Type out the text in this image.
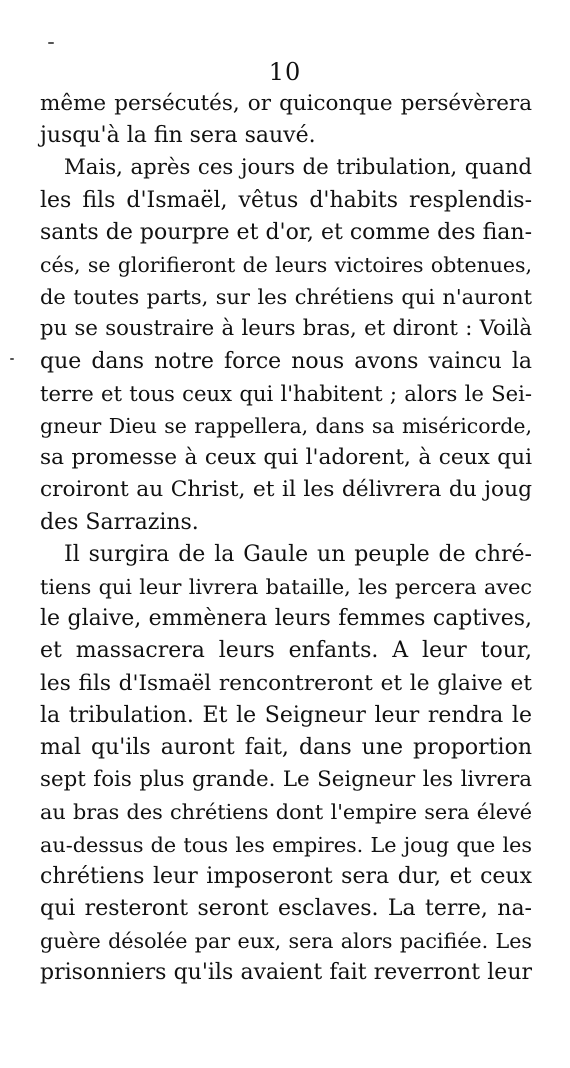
10

même persécutés, or quiconque persévèrera
jusqu'à la fin sera sauvé.

Mais, après ces jours de tribulation, quand
les fils d'Ismaël, vêtus d'habits resplendis-
sants de pourpre et d'or, et comme des fian-
cés, se glorifieront de leurs victoires obtenues,
de toutes parts, sur les chrétiens qui n'auront
pu se soustraire à leurs bras, et diront : Voilà
que dans notre force nous avons vaincu la
terre et tous ceux qui l'habitent ; alors le Sei-
gneur Dieu se rappellera, dans sa miséricorde,
sa promesse à ceux qui l'adorent, à ceux qui
croiront au Christ, et il les délivrera du joug
des Sarrazins.

Il surgira de la Gaule un peuple de chré-
tiens qui leur livrera bataille, les percera avec
le glaive, emmènera leurs femmes captives,
et massacrera leurs enfants. A leur tour,
les fils d'Ismaël rencontreront et le glaive et
la tribulation. Et le Seigneur leur rendra le
mal qu'ils auront fait, dans une proportion
sept fois plus grande. Le Seigneur les livrera
au bras des chrétiens dont l'empire sera élevé
au-dessus de tous les empires. Le joug que les
chrétiens leur imposeront sera dur, et ceux
qui resteront seront esclaves. La terre, na-
guère désolée par eux, sera alors pacifiée. Les
prisonniers qu'ils avaient fait reverront leur
